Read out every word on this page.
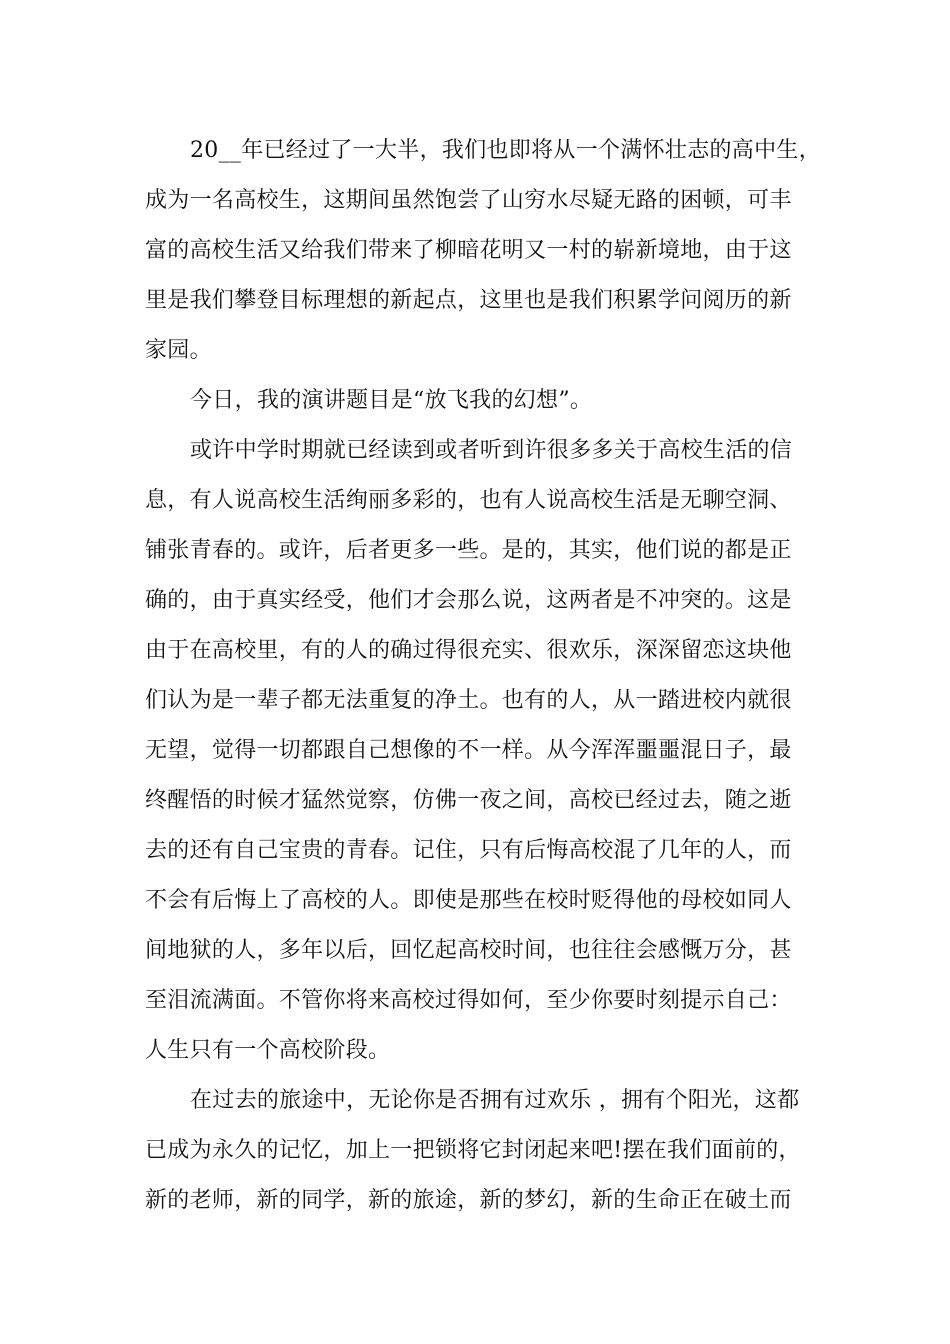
20__年已经过了一大半，我们也即将从一个满怀壮志的高中生，
成为一名高校生，这期间虽然饱尝了山穷水尽疑无路的困顿，可丰
富的高校生活又给我们带来了柳暗花明又一村的崭新境地，由于这
里是我们攀登目标理想的新起点，这里也是我们积累学问阅历的新
家园。
今日，我的演讲题目是“放飞我的幻想”。
或许中学时期就已经读到或者听到许很多多关于高校生活的信
息，有人说高校生活绚丽多彩的，也有人说高校生活是无聊空洞、
铺张青春的。或许，后者更多一些。是的，其实，他们说的都是正
确的，由于真实经受，他们才会那么说，这两者是不冲突的。这是
由于在高校里，有的人的确过得很充实、很欢乐，深深留恋这块他
们认为是一辈子都无法重复的净土。也有的人，从一踏进校内就很
无望，觉得一切都跟自己想像的不一样。从今浑浑噩噩混日子，最
终醒悟的时候才猛然觉察，仿佛一夜之间，高校已经过去，随之逝
去的还有自己宝贵的青春。记住，只有后悔高校混了几年的人，而
不会有后悔上了高校的人。即使是那些在校时贬得他的母校如同人
间地狱的人，多年以后，回忆起高校时间，也往往会感慨万分，甚
至泪流满面。不管你将来高校过得如何，至少你要时刻提示自己：
人生只有一个高校阶段。
在过去的旅途中，无论你是否拥有过欢乐 ，拥有个阳光，这都
已成为永久的记忆，加上一把锁将它封闭起来吧!摆在我们面前的，
新的老师，新的同学，新的旅途，新的梦幻，新的生命正在破土而
